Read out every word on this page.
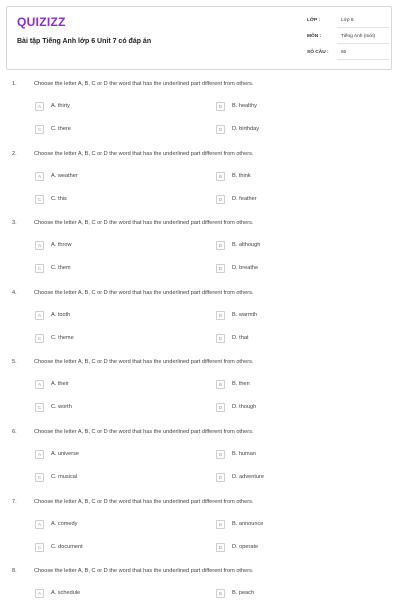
QUIZIZZ
Bài tập Tiếng Anh lớp 6 Unit 7 có đáp án
LỚP :	Lớp 6
MÔN :	Tiếng Anh (mới)
SỐ CÂU :	60
1.	Choose the letter A, B, C or D the word that has the underlined part different from others.
A	A. thirty	B	B. healthy
C	C. there	D	D. birthday
2.	Choose the letter A, B, C or D the word that has the underlined part different from others.
A	A. weather	B	B. think
C	C. this	D	D. feather
3.	Choose the letter A, B, C or D the word that has the underlined part different from others.
A	A. throw	B	B. although
C	C. them	D	D. breathe
4.	Choose the letter A, B, C or D the word that has the underlined part different from others.
A	A. tooth	B	B. warmth
C	C. theme	D	D. that
5.	Choose the letter A, B, C or D the word that has the underlined part different from others.
A	A. their	B	B. then
C	C. worth	D	D. though
6.	Choose the letter A, B, C or D the word that has the underlined part different from others.
A	A. universe	B	B. human
C	C. musical	D	D. adventure
7.	Choose the letter A, B, C or D the word that has the underlined part different from others.
A	A. comedy	B	B. announce
C	C. document	D	D. operate
8.	Choose the letter A, B, C or D the word that has the underlined part different from others.
A	A. schedule	B	B. peach
